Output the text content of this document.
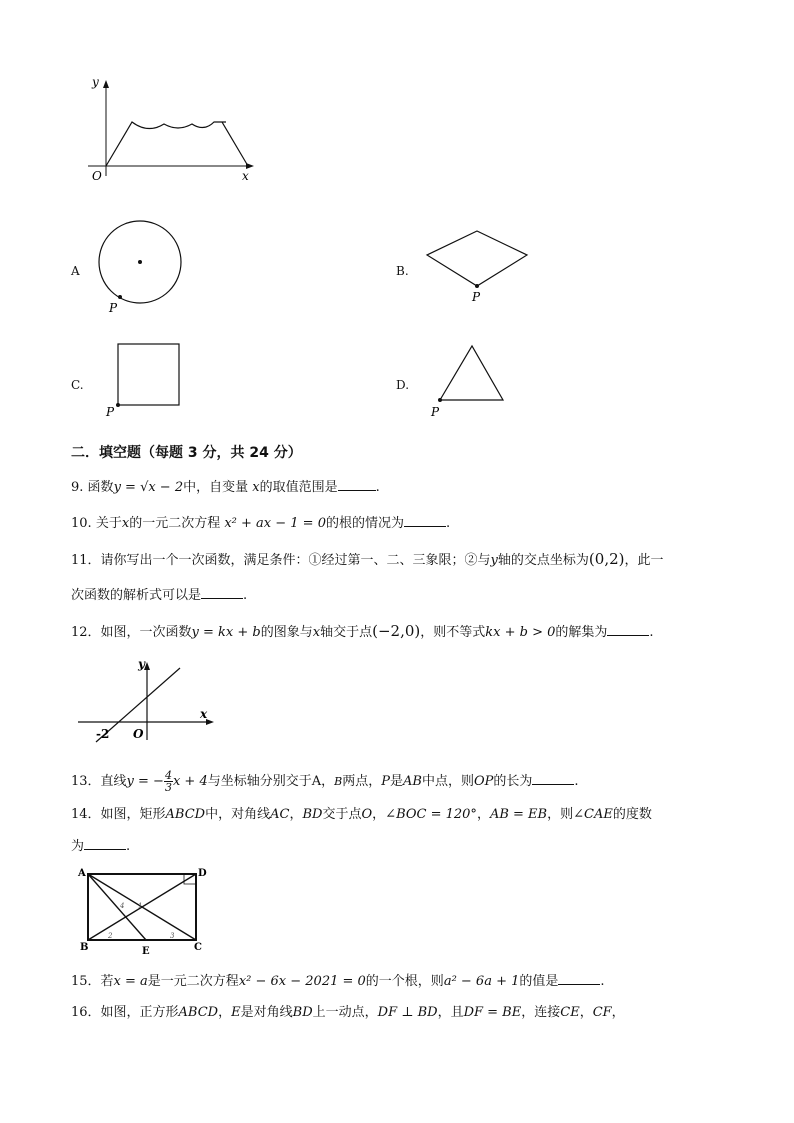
y
x
O
A
P
B.
P
C.
P
D.
P
二．填空题（每题 3 分，共 24 分）
9. 函数y = √x − 2中，自变量 x的取值范围是	.
10. 关于x的一元二次方程 x² + ax − 1 = 0的根的情况为	.
11．请你写出一个一次函数，满足条件：①经过第一、二、三象限；②与y轴的交点坐标为(0,2)，此一
次函数的解析式可以是	.
12．如图，一次函数y = kx + b的图象与x轴交于点(−2,0)，则不等式kx + b > 0的解集为	.
y
x
O
-2
13．直线y = − $\frac{4}{3}$ x + 4与坐标轴分别交于A，B两点，P是AB中点，则OP的长为	.
14．如图，矩形ABCD中，对角线AC，BD交于点O，∠BOC = 120°，AB = EB，则∠CAE的度数
为	.
A	D
B	C
E
4 1
2	3
15．若x = a是一元二次方程x² − 6x − 2021 = 0的一个根，则a² − 6a + 1的值是	.
16．如图，正方形ABCD，E是对角线BD上一动点，DF ⊥ BD，且DF = BE，连接CE，CF，
